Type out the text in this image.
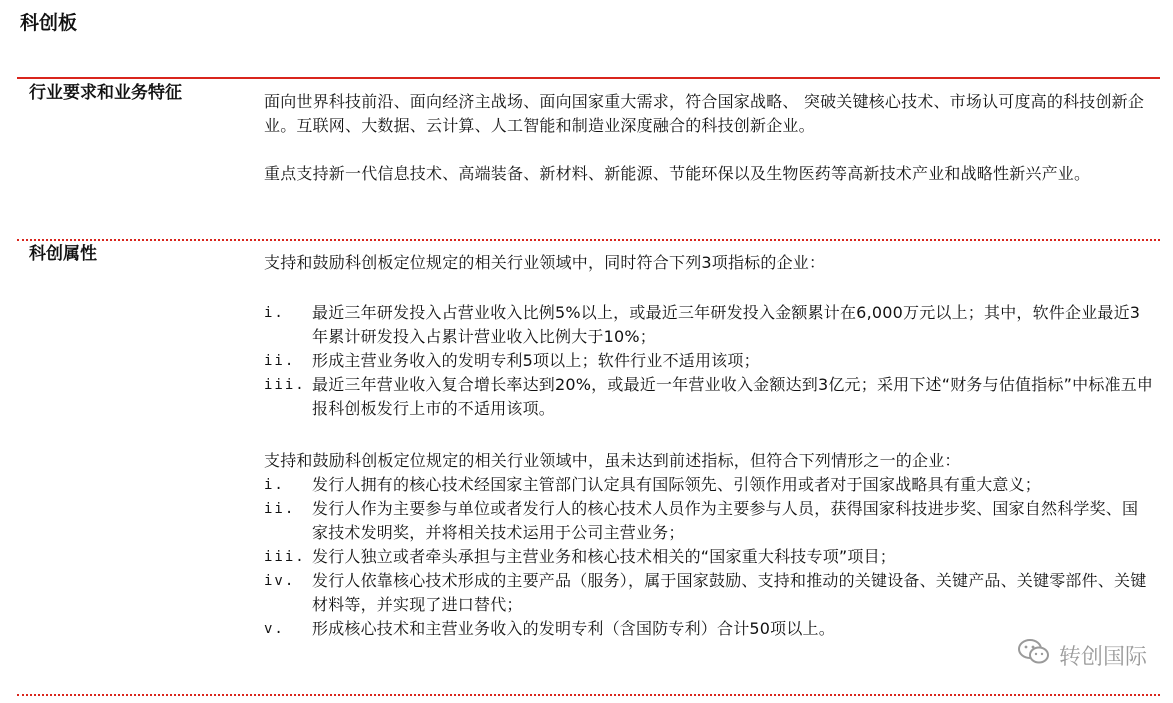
科创板
行业要求和业务特征	面向世界科技前沿、面向经济主战场、面向国家重大需求，符合国家战略、 突破关键核心技术、市场认可度高的科技创新企业。互联网、大数据、云计算、人工智能和制造业深度融合的科技创新企业。

重点支持新一代信息技术、高端装备、新材料、新能源、节能环保以及生物医药等高新技术产业和战略性新兴产业。

科创属性	支持和鼓励科创板定位规定的相关行业领域中，同时符合下列3项指标的企业：

i.	最近三年研发投入占营业收入比例5%以上，或最近三年研发投入金额累计在6,000万元以上；其中，软件企业最近3年累计研发投入占累计营业收入比例大于10%；
ii.	形成主营业务收入的发明专利5项以上；软件行业不适用该项；
iii. 最近三年营业收入复合增长率达到20%，或最近一年营业收入金额达到3亿元；采用下述“财务与估值指标”中标准五申报科创板发行上市的不适用该项。

支持和鼓励科创板定位规定的相关行业领域中，虽未达到前述指标，但符合下列情形之一的企业：

i.	发行人拥有的核心技术经国家主管部门认定具有国际领先、引领作用或者对于国家战略具有重大意义；
ii.	发行人作为主要参与单位或者发行人的核心技术人员作为主要参与人员，获得国家科技进步奖、国家自然科学奖、国家技术发明奖，并将相关技术运用于公司主营业务；
iii. 发行人独立或者牵头承担与主营业务和核心技术相关的“国家重大科技专项”项目；
iv.	发行人依靠核心技术形成的主要产品（服务），属于国家鼓励、支持和推动的关键设备、关键产品、关键零部件、关键材料等，并实现了进口替代；
v.	形成核心技术和主营业务收入的发明专利（含国防专利）合计50项以上。
转创国际
